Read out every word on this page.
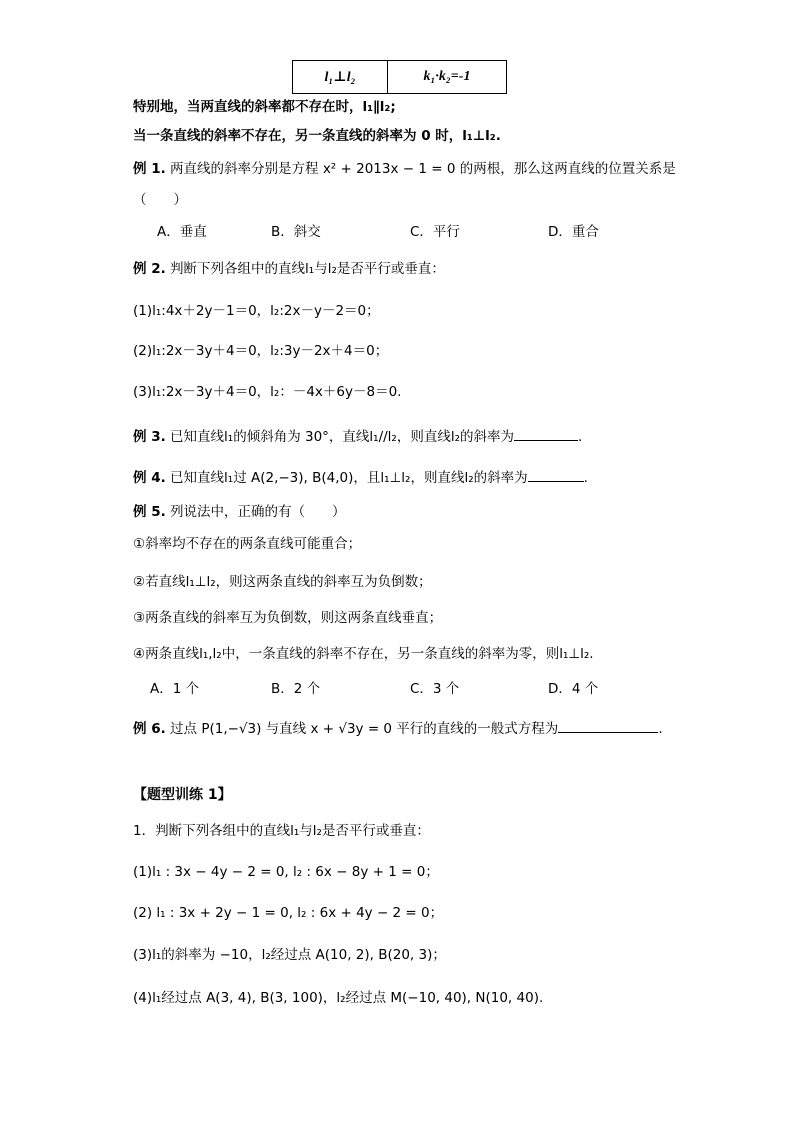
l₁⊥l₂	k₁·k₂=-1
特别地，当两直线的斜率都不存在时，l₁∥l₂;
当一条直线的斜率不存在，另一条直线的斜率为 0 时，l₁⊥l₂.
例 1. 两直线的斜率分别是方程 x² + 2013x − 1 = 0 的两根，那么这两直线的位置关系是
（　　）
A．垂直	B．斜交	C．平行	D．重合
例 2. 判断下列各组中的直线l₁与l₂是否平行或垂直：
(1)l₁:4x＋2y－1＝0，l₂:2x－y－2＝0；
(2)l₁:2x－3y＋4＝0，l₂:3y－2x＋4＝0；
(3)l₁:2x－3y＋4＝0，l₂：－4x＋6y－8＝0.
例 3. 已知直线l₁的倾斜角为 30°，直线l₁//l₂，则直线l₂的斜率为	.
例 4. 已知直线l₁过 A(2,−3), B(4,0)，且l₁⊥l₂，则直线l₂的斜率为	.
例 5. 列说法中，正确的有（　　）
①斜率均不存在的两条直线可能重合；
②若直线l₁⊥l₂，则这两条直线的斜率互为负倒数；
③两条直线的斜率互为负倒数，则这两条直线垂直；
④两条直线l₁,l₂中，一条直线的斜率不存在，另一条直线的斜率为零，则l₁⊥l₂.
A．1 个	B．2 个	C．3 个	D．4 个
例 6. 过点 P(1,−√3) 与直线 x + √3y = 0 平行的直线的一般式方程为	.
【题型训练 1】
1．判断下列各组中的直线l₁与l₂是否平行或垂直：
(1)l₁ : 3x − 4y − 2 = 0, l₂ : 6x − 8y + 1 = 0；
(2) l₁ : 3x + 2y − 1 = 0, l₂ : 6x + 4y − 2 = 0；
(3)l₁的斜率为 −10，l₂经过点 A(10, 2), B(20, 3)；
(4)l₁经过点 A(3, 4), B(3, 100)，l₂经过点 M(−10, 40), N(10, 40).
